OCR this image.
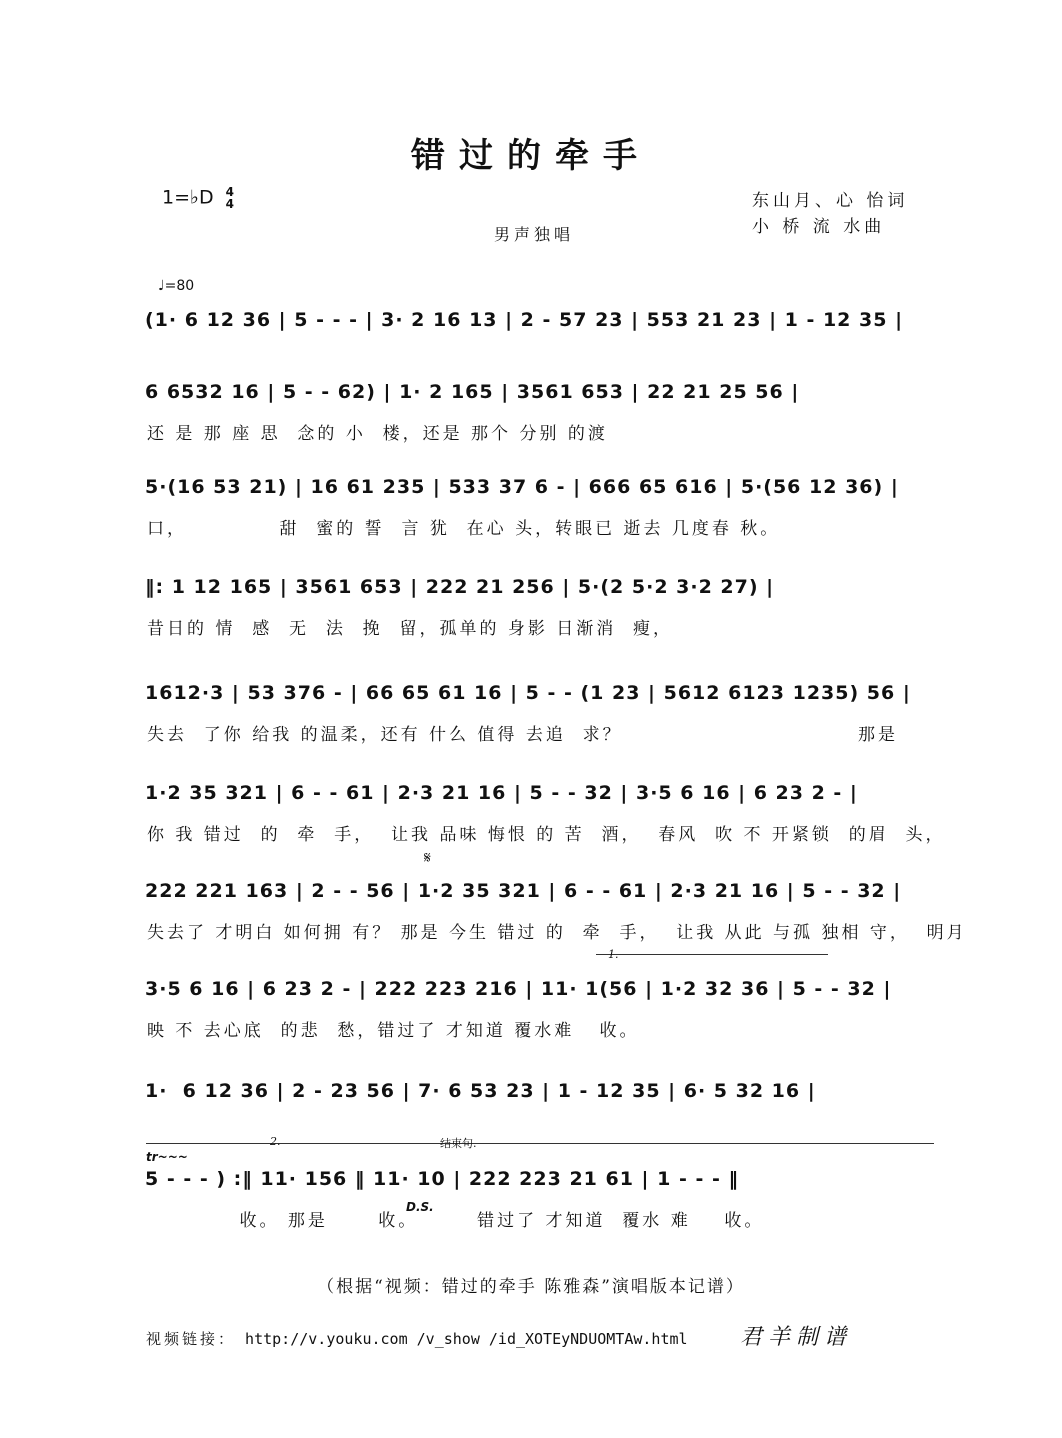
错过的牵手
1=♭D 4
4	东山月、心 怡词
小 桥 流 水曲
男声独唱
♩=80
(1· 6 12 36 | 5 - - - | 3· 2 16 13 | 2 - 57 23 | 553 21 23 | 1 - 12 35 |
6 6532 16 | 5 - - 62) | 1· 2 165 | 3561 653 | 22 21 25 56 |
还 是 那 座 思  念的 小  楼，还是 那个 分别 的渡
5·(16 53 21) | 16 61 235 | 533 37 6 - | 666 65 616 | 5·(56 12 36) |
口，           甜  蜜的 誓  言 犹  在心 头，转眼已 逝去 几度春 秋。
‖: 1 12 165 | 3561 653 | 222 21 256 | 5·(2 5·2 3·2 27) |
昔日的 情  感  无  法  挽  留，孤单的 身影 日渐消  瘦，
1612·3 | 53 376 - | 66 65 61 16 | 5 - - (1 23 | 5612 6123 1235) 56 |
失去  了你 给我 的温柔，还有 什么 值得 去追  求？                            那是
1·2 35 321 | 6 - - 61 | 2·3 21 16 | 5 - - 32 | 3·5 6 16 | 6 23 2 - |
你 我 错过  的  牵  手，  让我 品味 悔恨 的 苦  酒，  春风  吹 不 开紧锁  的眉  头，
𝄋
222 221 163 | 2 - - 56 | 1·2 35 321 | 6 - - 61 | 2·3 21 16 | 5 - - 32 |
失去了 才明白 如何拥 有？ 那是 今生 错过 的  牵  手，  让我 从此 与孤 独相 守，  明月
1.
3·5 6 16 | 6 23 2 - | 222 223 216 | 11· 1(56 | 1·2 32 36 | 5 - - 32 |
映 不 去心底  的悲  愁，错过了 才知道 覆水难   收。
1·  6 12 36 | 2 - 23 56 | 7· 6 53 23 | 1 - 12 35 | 6· 5 32 16 |
tr~~~
2.	结束句.
5 - - - ) :‖ 11· 156 ‖ 11· 10 | 222 223 21 61 | 1 - - - ‖
收。 那是      收。       错过了 才知道  覆水 难    收。
D.S.
（根据“视频：错过的牵手 陈雅森”演唱版本记谱）
视频链接： http://v.youku.com /v_show /id_XOTEyNDUOMTAw.html 君羊制谱
